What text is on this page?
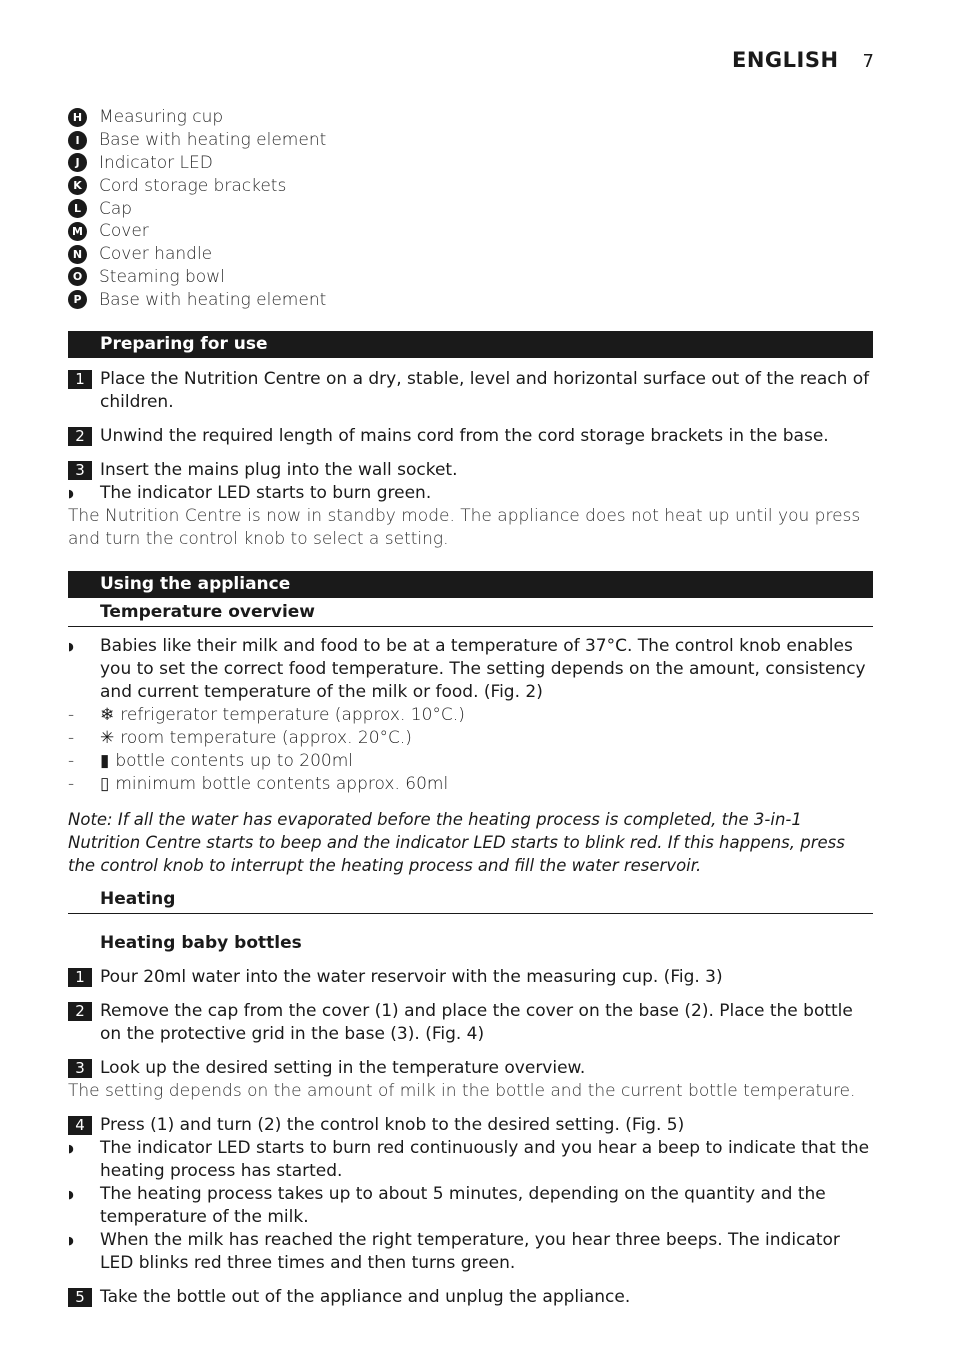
ENGLISH 7
H Measuring cup
I	Base with heating element
J	Indicator LED
K	Cord storage brackets
L	Cap
M Cover
N Cover handle
O Steaming bowl
P	Base with heating element
Preparing for use
1 Place the Nutrition Centre on a dry, stable, level and horizontal surface out of the reach of children.
2 Unwind the required length of mains cord from the cord storage brackets in the base.
3 Insert the mains plug into the wall socket.
◗	The indicator LED starts to burn green.
The Nutrition Centre is now in standby mode. The appliance does not heat up until you press and turn the control knob to select a setting.
Using the appliance
Temperature overview
◗	Babies like their milk and food to be at a temperature of 37°C. The control knob enables you to set the correct food temperature. The setting depends on the amount, consistency and current temperature of the milk or food. (Fig. 2)
-	❄ refrigerator temperature (approx. 10°C.)
-	✳ room temperature (approx. 20°C.)
-	▮ bottle contents up to 200ml
-	▯ minimum bottle contents approx. 60ml
Note: If all the water has evaporated before the heating process is completed, the 3-in-1 Nutrition Centre starts to beep and the indicator LED starts to blink red. If this happens, press the control knob to interrupt the heating process and fill the water reservoir.
Heating
Heating baby bottles
1 Pour 20ml water into the water reservoir with the measuring cup. (Fig. 3)
2 Remove the cap from the cover (1) and place the cover on the base (2). Place the bottle on the protective grid in the base (3). (Fig. 4)
3 Look up the desired setting in the temperature overview.
The setting depends on the amount of milk in the bottle and the current bottle temperature.
4 Press (1) and turn (2) the control knob to the desired setting. (Fig. 5)
◗	The indicator LED starts to burn red continuously and you hear a beep to indicate that the heating process has started.
◗	The heating process takes up to about 5 minutes, depending on the quantity and the temperature of the milk.
◗	When the milk has reached the right temperature, you hear three beeps. The indicator LED blinks red three times and then turns green.
5 Take the bottle out of the appliance and unplug the appliance.
